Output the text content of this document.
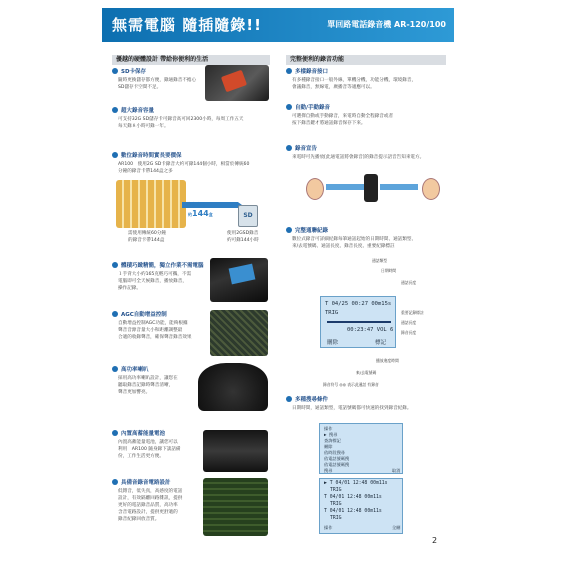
無需電腦 隨插隨錄!!	單回路電話錄音機 AR-120/100
優越的硬體設計 帶給你便利的生活	完整便利的錄音功能
SD卡保存
隨時更換儲存都方便，錄通錄音不擔心
SD儲存卡空間不足。
超大錄音容量
可支持32G SD儲存卡可錄音高可回2300小時，每周工作五天
每天錄８小時可錄一年。
數位錄音時間實長要價保
AR100　使用2G SD卡錄音大約可錄144個小時，相當於傳統60
分鐘的錄音卡帶144盒之多
錄音時間
約144盒	SD
需使用傳統60分鐘
的錄音卡帶144盒
使用2GSD錄音
約可錄144小時
體積巧緻精簡，獨立作業不需電腦
１手背大小約165克輕巧可攜，不需
電腦即可全天候錄音，播放錄音，
操作記錄。
AGC自動增益控制
自動增益控制AGC功能，能夠根據
聲音音源音量大小和距離調整最
合適的收錄聲音，確保聲音錄音效果
高功率喇叭
採用高功率喇叭設計，讓您在
聽取錄音記錄時聲音清晰，
聲音更加響亮。
內置高蓄能量電池
內置高蓄能量電池，讓您可以
利用　AR100 隨身錄下談話備
份，工作生活更方便。
具備音錄音電路設計
低雜音，低失真，高感度的電話
設計，有效隔離回路雜訊，提供
更好的電話錄音品質，高功率
含音電路設計，提供更舒適的
錄音紀錄回放音質。
多樣錄音接口
有多種錄音接口一般外線，單機分機，功能分機，環境錄音，
會議錄音，無線電，廣播音等適應可以。
自動/手動錄音
可選擇自動或手動錄音，來電時自動全程錄音或者
按下錄音鍵才將通話錄音保存下來。
錄音宣告
來電時可先播放[此通電話將會錄音]的錄音提示語音告知來電方。
完整通聯紀錄
數位式錄音可詳細紀錄每筆通話起始的日期時間、通話類型、
來/去電號碼、通話長度、錄音長度、重要紀錄標註
通話類型
日期時間
通話長度
重要記錄標註
通話長度
錄音長度
播放進度時間
來/去電號碼
錄音符号 ◎◎ 表示此通話 有錄音
T 04/25 00:27 00m15s
TRIG
00:23:47 VOL 6
刪除	標記
多種搜尋條件
日期時間，通話類型，電話號碼都可快速的找到錄音紀錄。
操作
▶ 搜尋
查詢標記
刪除
依時段搜尋
依電話號碼搜
依電話號碼搜
搜尋	取消
▶ T 04/01 12:48 00m11s
TRIG
T 04/01 12:48 00m11s
TRIG
T 04/01 12:48 00m11s
TRIG
操作	全刪
2
